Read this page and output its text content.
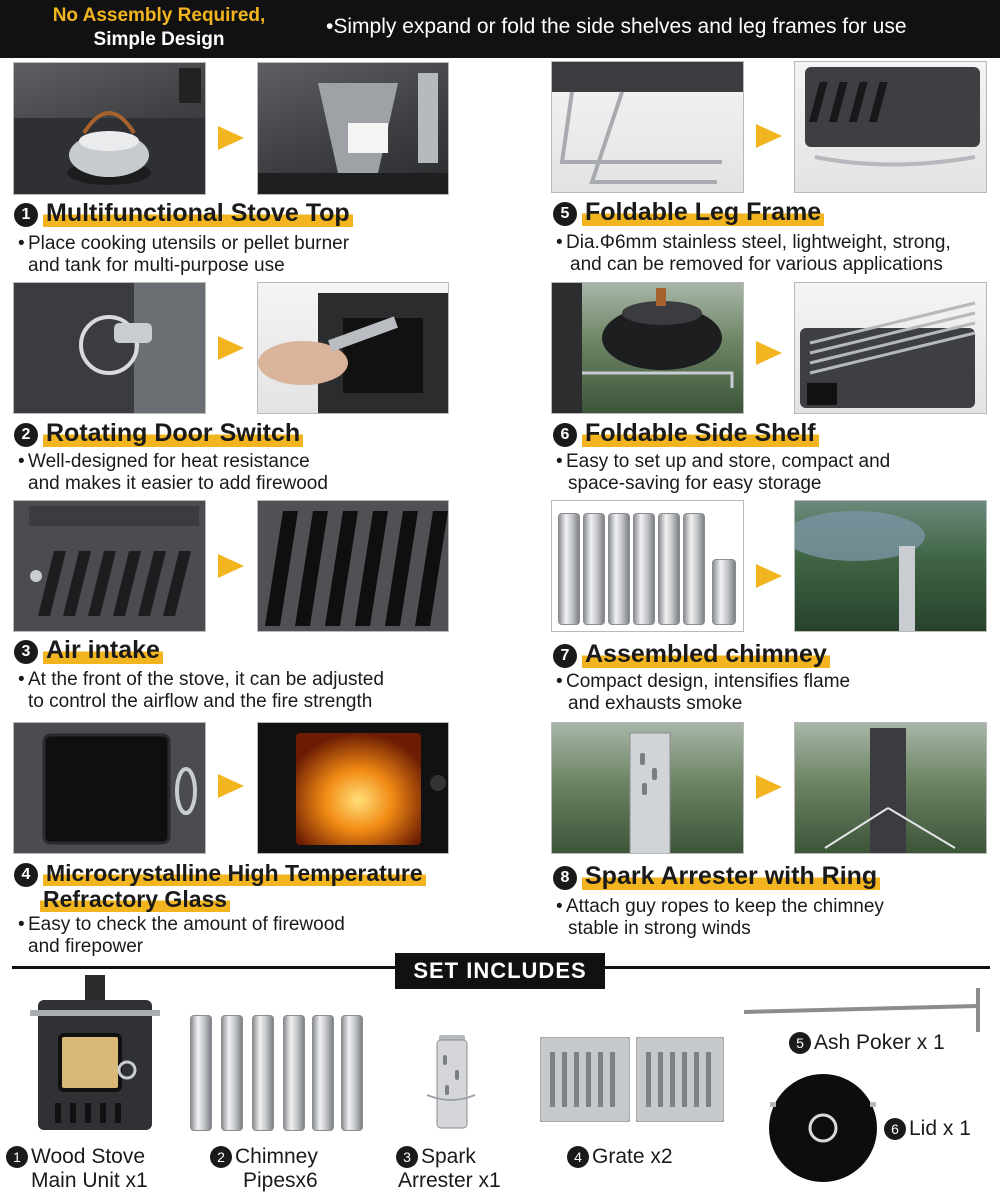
No Assembly Required,
Simple Design
•Simply expand or fold the side shelves and leg frames for use
1 Multifunctional Stove Top
• Place cooking utensils or pellet burner
and tank for multi-purpose use
2 Rotating Door Switch
• Well-designed for heat resistance
and makes it easier to add firewood
3 Air intake
• At the front of the stove, it can be adjusted
to control the airflow and the fire strength
4 Microcrystalline High Temperature
Refractory Glass
• Easy to check the amount of firewood
and firepower
5 Foldable Leg Frame
• Dia.Φ6mm stainless steel, lightweight, strong,
and can be removed for various applications
6 Foldable Side Shelf
• Easy to set up and store, compact and
space-saving for easy storage
7 Assembled chimney
• Compact design, intensifies flame
and exhausts smoke
8 Spark Arrester with Ring
• Attach guy ropes to keep the chimney
stable in strong winds
SET INCLUDES
1 Wood Stove
Main Unit x1
2 Chimney
Pipesx6
3 Spark
Arrester x1
4 Grate x2
5 Ash Poker x 1
6 Lid x 1
